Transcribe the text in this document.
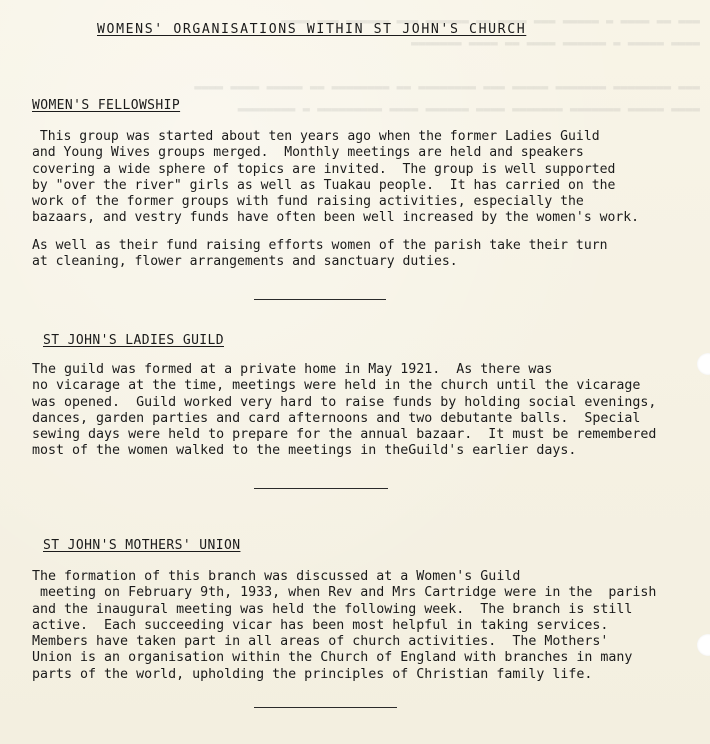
▬▬▬ ▬▬ ▬▬▬▬ ▬ ▬▬▬▬▬ ▬▬▬ ▬▬▬▬ ▬▬ ▬▬▬▬▬▬ ▬▬▬ ▬▬▬▬▬▬ ▬▬▬ ▬▬▬▬
▬▬▬▬ ▬▬▬▬▬ ▬ ▬▬▬▬▬▬ ▬▬▬▬ ▬▬ ▬▬▬▬ ▬▬▬▬▬▬▬

▬▬▬ ▬▬▬▬▬▬▬▬ ▬▬▬▬▬▬▬ ▬▬▬▬▬ ▬▬▬ ▬▬▬▬▬▬▬▬ ▬▬ ▬▬▬▬▬▬▬▬ ▬▬ ▬▬▬▬▬ ▬▬▬▬ ▬▬▬▬
▬▬▬▬ ▬▬▬▬▬ ▬▬▬▬▬▬▬ ▬▬▬▬▬▬▬ ▬▬▬▬ ▬▬▬▬▬▬ ▬▬▬▬ ▬▬▬▬▬▬▬▬▬ ▬ ▬▬▬▬▬▬▬▬
WOMENS' ORGANISATIONS WITHIN ST JOHN'S CHURCH
WOMEN'S FELLOWSHIP
This group was started about ten years ago when the former Ladies Guild
and Young Wives groups merged.  Monthly meetings are held and speakers
covering a wide sphere of topics are invited.  The group is well supported
by "over the river" girls as well as Tuakau people.  It has carried on the
work of the former groups with fund raising activities, especially the
bazaars, and vestry funds have often been well increased by the women's work.
As well as their fund raising efforts women of the parish take their turn
at cleaning, flower arrangements and sanctuary duties.
ST JOHN'S LADIES GUILD
The guild was formed at a private home in May 1921.  As there was
no vicarage at the time, meetings were held in the church until the vicarage
was opened.  Guild worked very hard to raise funds by holding social evenings,
dances, garden parties and card afternoons and two debutante balls.  Special
sewing days were held to prepare for the annual bazaar.  It must be remembered
most of the women walked to the meetings in theGuild's earlier days.
ST JOHN'S MOTHERS' UNION
The formation of this branch was discussed at a Women's Guild
meeting on February 9th, 1933, when Rev and Mrs Cartridge were in the  parish
and the inaugural meeting was held the following week.  The branch is still
active.  Each succeeding vicar has been most helpful in taking services.
Members have taken part in all areas of church activities.  The Mothers'
Union is an organisation within the Church of England with branches in many
parts of the world, upholding the principles of Christian family life.
